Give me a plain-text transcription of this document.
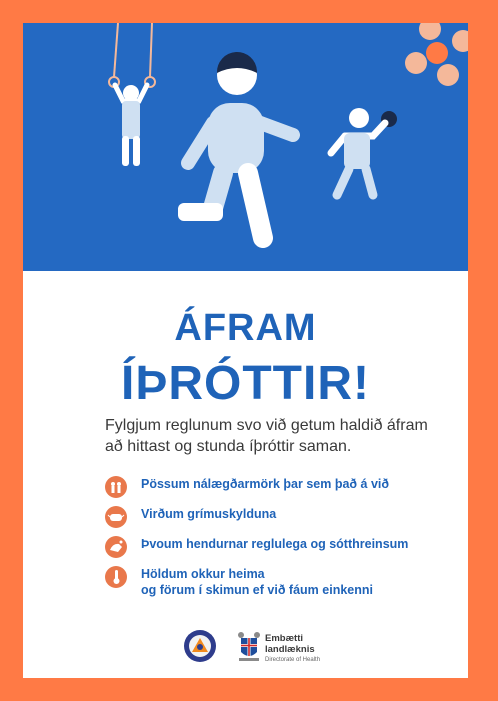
ÁFRAM
ÍÞRÓTTIR!
Fylgjum reglunum svo við getum haldið áfram að hittast og stunda íþróttir saman.
Pössum nálægðarmörk þar sem það á við
Virðum grímuskylduna
Þvoum hendurnar reglulega og sótthreinsum
Höldum okkur heima
og förum í skimun ef við fáum einkenni
Embætti
landlæknis
Directorate of Health
